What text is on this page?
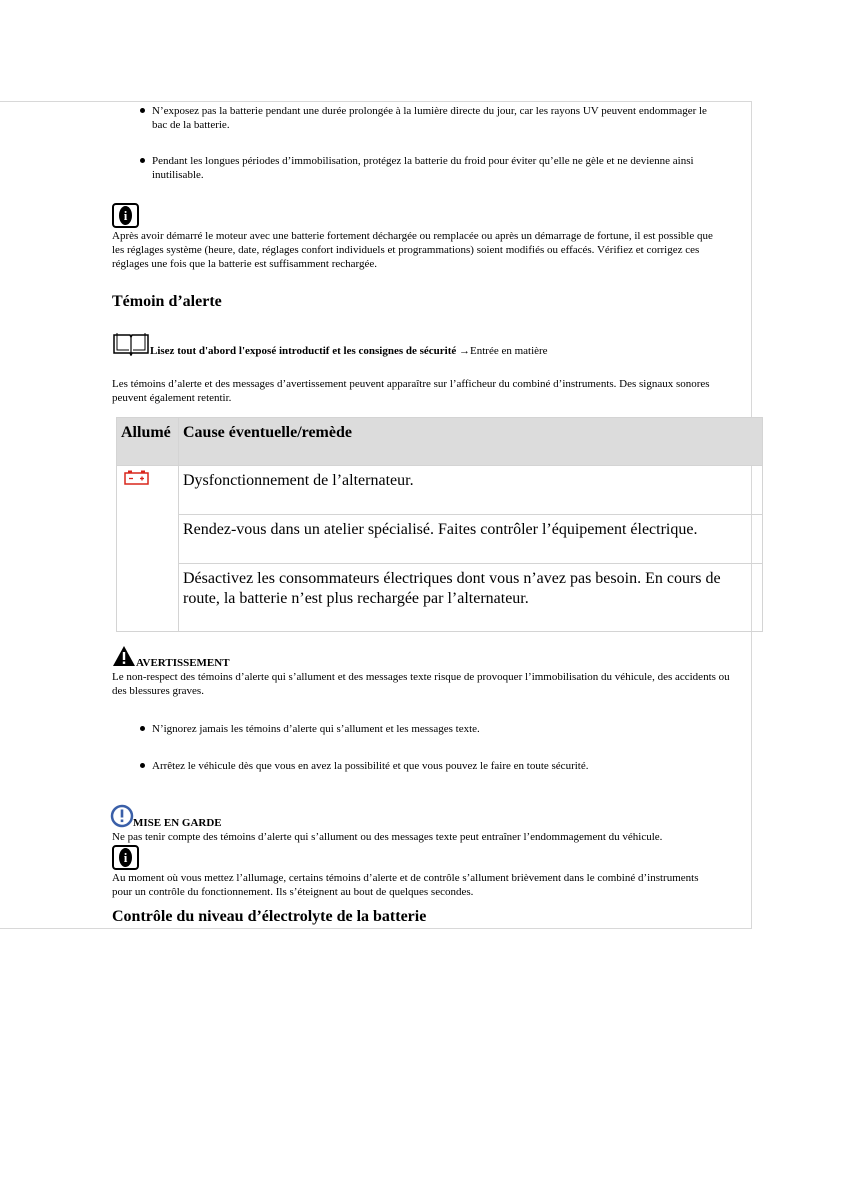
N’exposez pas la batterie pendant une durée prolongée à la lumière directe du jour, car les rayons UV peuvent endommager le bac de la batterie.
Pendant les longues périodes d’immobilisation, protégez la batterie du froid pour éviter qu’elle ne gèle et ne devienne ainsi inutilisable.
i
Après avoir démarré le moteur avec une batterie fortement déchargée ou remplacée ou après un démarrage de fortune, il est possible que les réglages système (heure, date, réglages confort individuels et programmations) soient modifiés ou effacés. Vérifiez et corrigez ces réglages une fois que la batterie est suffisamment rechargée.
Témoin d’alerte
Lisez tout d'abord l'exposé introductif et les consignes de sécurité →Entrée en matière
Les témoins d’alerte et des messages d’avertissement peuvent apparaître sur l’afficheur du combiné d’instruments. Des signaux sonores peuvent également retentir.
Allumé	Cause éventuelle/remède
	Dysfonctionnement de l’alternateur.
	Rendez-vous dans un atelier spécialisé. Faites contrôler l’équipement électrique.
	Désactivez les consommateurs électriques dont vous n’avez pas besoin. En cours de route, la batterie n’est plus rechargée par l’alternateur.
AVERTISSEMENT
Le non-respect des témoins d’alerte qui s’allument et des messages texte risque de provoquer l’immobilisation du véhicule, des accidents ou des blessures graves.
N’ignorez jamais les témoins d’alerte qui s’allument et les messages texte.
Arrêtez le véhicule dès que vous en avez la possibilité et que vous pouvez le faire en toute sécurité.
MISE EN GARDE
Ne pas tenir compte des témoins d’alerte qui s’allument ou des messages texte peut entraîner l’endommagement du véhicule.
i
Au moment où vous mettez l’allumage, certains témoins d’alerte et de contrôle s’allument brièvement dans le combiné d’instruments pour un contrôle du fonctionnement. Ils s’éteignent au bout de quelques secondes.
Contrôle du niveau d’électrolyte de la batterie
